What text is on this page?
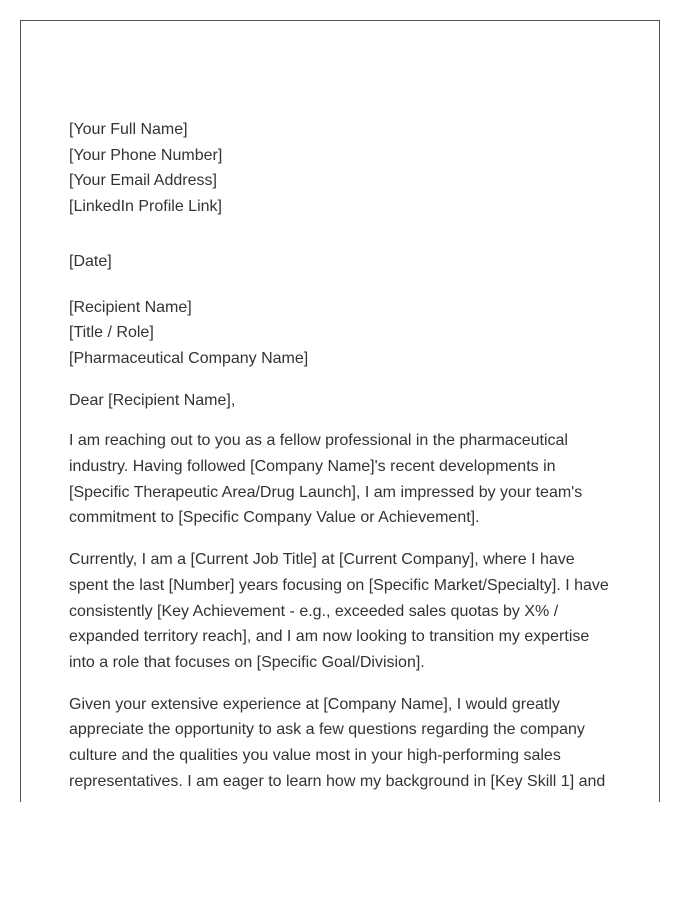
[Your Full Name]
[Your Phone Number]
[Your Email Address]
[LinkedIn Profile Link]
[Date]
[Recipient Name]
[Title / Role]
[Pharmaceutical Company Name]
Dear [Recipient Name],

I am reaching out to you as a fellow professional in the pharmaceutical
industry. Having followed [Company Name]'s recent developments in
[Specific Therapeutic Area/Drug Launch], I am impressed by your team's
commitment to [Specific Company Value or Achievement].

Currently, I am a [Current Job Title] at [Current Company], where I have
spent the last [Number] years focusing on [Specific Market/Specialty]. I have
consistently [Key Achievement - e.g., exceeded sales quotas by X% /
expanded territory reach], and I am now looking to transition my expertise
into a role that focuses on [Specific Goal/Division].

Given your extensive experience at [Company Name], I would greatly
appreciate the opportunity to ask a few questions regarding the company
culture and the qualities you value most in your high-performing sales
representatives. I am eager to learn how my background in [Key Skill 1] and
